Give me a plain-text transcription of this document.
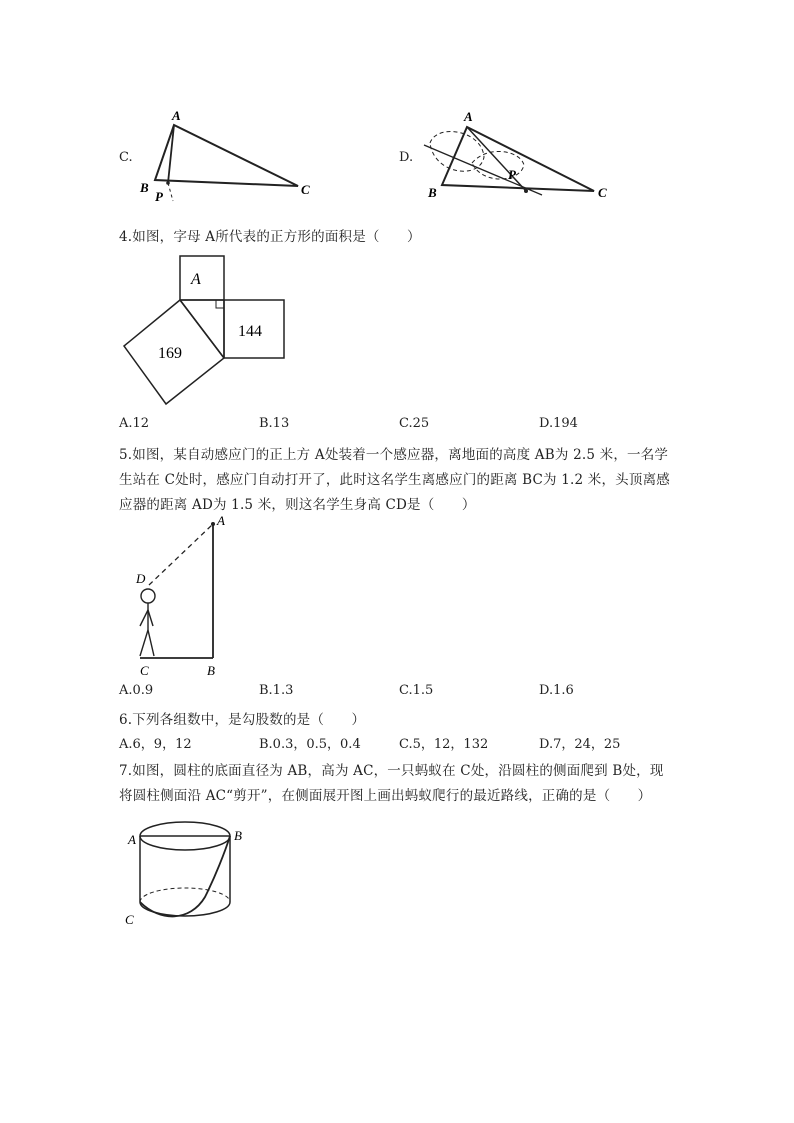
C.
A
B	C
P
D.
A
B	C
P
4.如图，字母 A所代表的正方形的面积是（　　）
A
169
144
A.12	B.13	C.25	D.194
5.如图，某自动感应门的正上方 A处装着一个感应器，离地面的高度 AB为 2.5 米，一名学
生站在 C处时，感应门自动打开了，此时这名学生离感应门的距离 BC为 1.2 米，头顶离感
应器的距离 AD为 1.5 米，则这名学生身高 CD是（　　）
A
D
C	B
A.0.9	B.1.3	C.1.5	D.1.6
6.下列各组数中，是勾股数的是（　　）
A.6，9，12	B.0.3，0.5，0.4	C.5，12，132	D.7，24，25
7.如图，圆柱的底面直径为 AB，高为 AC，一只蚂蚁在 C处，沿圆柱的侧面爬到 B处，现
将圆柱侧面沿 AC“剪开”，在侧面展开图上画出蚂蚁爬行的最近路线，正确的是（　　）
A	B
C
